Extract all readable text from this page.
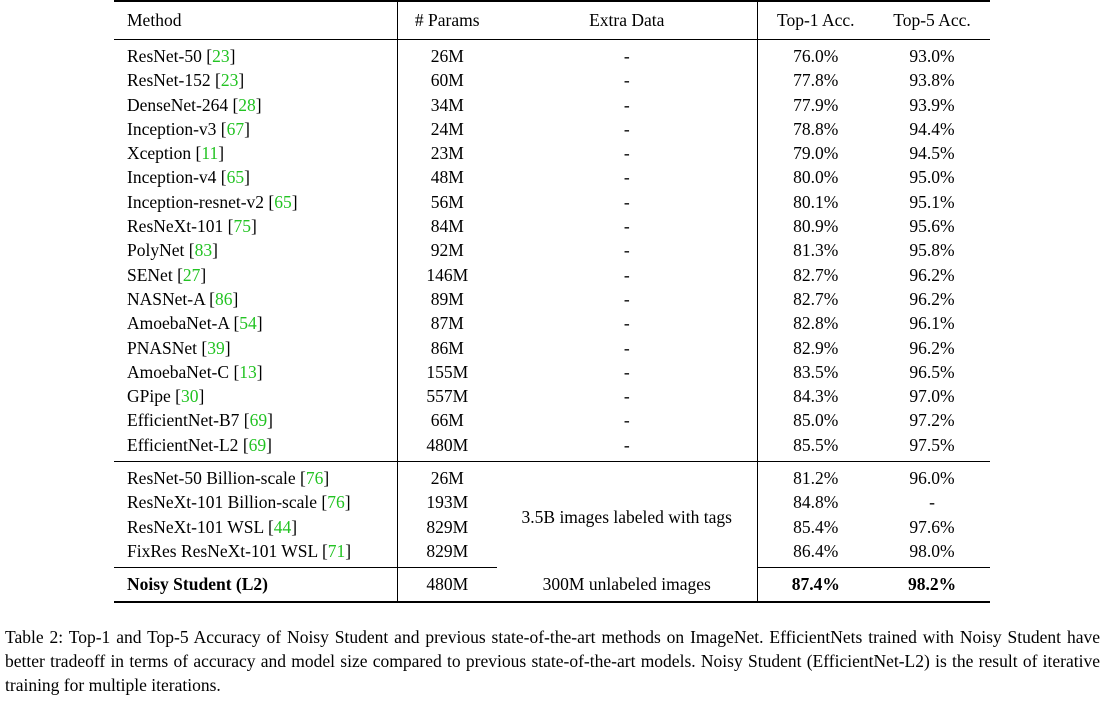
Method	# Params	Extra Data	Top-1 Acc.	Top-5 Acc.
ResNet-50 [23]	26M	-	76.0%	93.0%
ResNet-152 [23]	60M	-	77.8%	93.8%
DenseNet-264 [28]	34M	-	77.9%	93.9%
Inception-v3 [67]	24M	-	78.8%	94.4%
Xception [11]	23M	-	79.0%	94.5%
Inception-v4 [65]	48M	-	80.0%	95.0%
Inception-resnet-v2 [65]	56M	-	80.1%	95.1%
ResNeXt-101 [75]	84M	-	80.9%	95.6%
PolyNet [83]	92M	-	81.3%	95.8%
SENet [27]	146M	-	82.7%	96.2%
NASNet-A [86]	89M	-	82.7%	96.2%
AmoebaNet-A [54]	87M	-	82.8%	96.1%
PNASNet [39]	86M	-	82.9%	96.2%
AmoebaNet-C [13]	155M	-	83.5%	96.5%
GPipe [30]	557M	-	84.3%	97.0%
EfficientNet-B7 [69]	66M	-	85.0%	97.2%
EfficientNet-L2 [69]	480M	-	85.5%	97.5%
ResNet-50 Billion-scale [76]	26M	3.5B images labeled with tags	81.2%	96.0%
ResNeXt-101 Billion-scale [76]	193M		84.8%	-
ResNeXt-101 WSL [44]	829M		85.4%	97.6%
FixRes ResNeXt-101 WSL [71]	829M		86.4%	98.0%
Noisy Student (L2)	480M	300M unlabeled images	87.4%	98.2%
Table 2: Top-1 and Top-5 Accuracy of Noisy Student and previous state-of-the-art methods on ImageNet. EfficientNets trained with Noisy Student have better tradeoff in terms of accuracy and model size compared to previous state-of-the-art models. Noisy Student (EfficientNet-L2) is the result of iterative training for multiple iterations.
